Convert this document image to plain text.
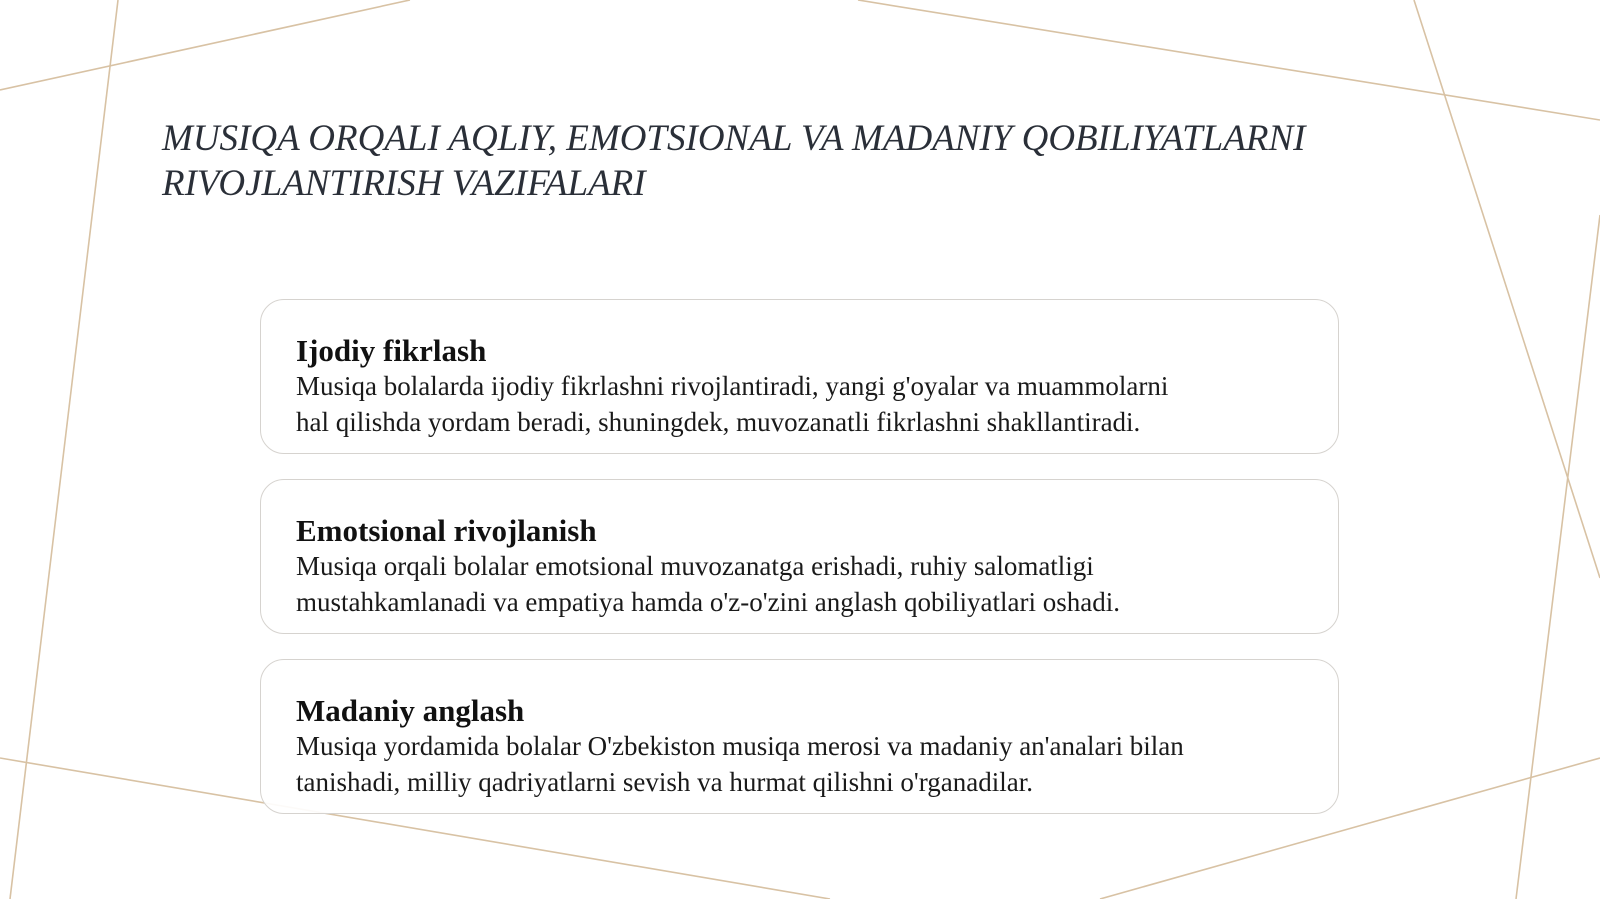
MUSIQA ORQALI AQLIY, EMOTSIONAL VA MADANIY QOBILIYATLARNI
RIVOJLANTIRISH VAZIFALARI
Ijodiy fikrlash
Musiqa bolalarda ijodiy fikrlashni rivojlantiradi, yangi g'oyalar va muammolarni
hal qilishda yordam beradi, shuningdek, muvozanatli fikrlashni shakllantiradi.
Emotsional rivojlanish
Musiqa orqali bolalar emotsional muvozanatga erishadi, ruhiy salomatligi
mustahkamlanadi va empatiya hamda o'z-o'zini anglash qobiliyatlari oshadi.
Madaniy anglash
Musiqa yordamida bolalar O'zbekiston musiqa merosi va madaniy an'analari bilan
tanishadi, milliy qadriyatlarni sevish va hurmat qilishni o'rganadilar.
